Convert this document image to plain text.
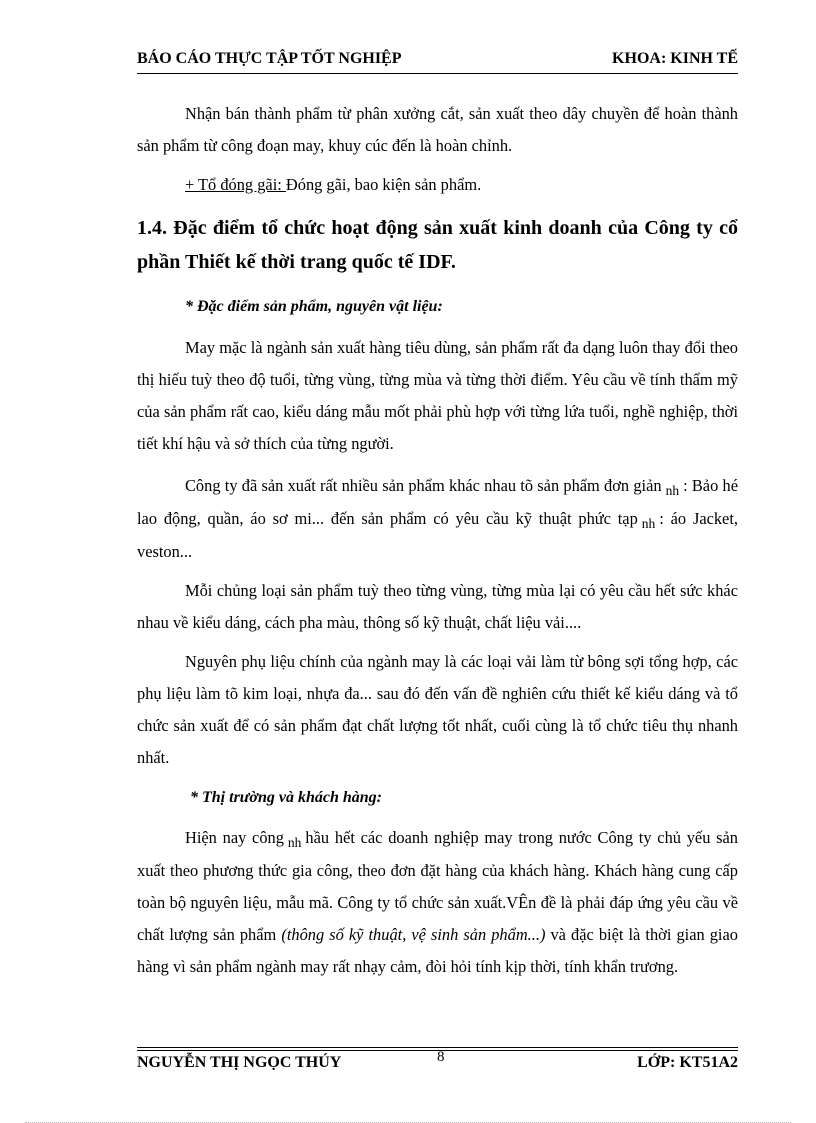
BÁO CÁO THỰC TẬP TỐT NGHIỆP	KHOA: KINH TẾ

Nhận bán thành phẩm từ phân xưởng cắt, sản xuất theo dây chuyền để hoàn thành sản phẩm từ công đoạn may, khuy cúc đến là hoàn chỉnh.

+ Tổ đóng gãi: Đóng gãi, bao kiện sản phẩm.

1.4. Đặc điểm tổ chức hoạt động sản xuất kinh doanh của Công ty cổ phần Thiết kế thời trang quốc tế IDF.

* Đặc điểm sản phẩm, nguyên vật liệu:

May mặc là ngành sản xuất hàng tiêu dùng, sản phẩm rất đa dạng luôn thay đổi theo thị hiếu tuỳ theo độ tuổi, từng vùng, từng mùa và từng thời điểm. Yêu cầu về tính thẩm mỹ của sản phẩm rất cao, kiểu dáng mẫu mốt phải phù hợp với từng lứa tuổi, nghề nghiệp, thời tiết khí hậu và sở thích của từng người.

Công ty đã sản xuất rất nhiều sản phẩm khác nhau tõ sản phẩm đơn giản $_{nh}$ : Bảo hé lao động, quần, áo sơ mi... đến sản phẩm có yêu cầu kỹ thuật phức tạp $_{nh}$ : áo Jacket, veston...

Mỗi chủng loại sản phẩm tuỳ theo từng vùng, từng mùa lại có yêu cầu hết sức khác nhau về kiểu dáng, cách pha màu, thông số kỹ thuật, chất liệu vải....

Nguyên phụ liệu chính của ngành may là các loại vải làm từ bông sợi tổng hợp, các phụ liệu làm tõ kim loại, nhựa đa... sau đó đến vấn đề nghiên cứu thiết kế kiểu dáng và tổ chức sản xuất để có sản phẩm đạt chất lượng tốt nhất, cuối cùng là tổ chức tiêu thụ nhanh nhất.

* Thị trường và khách hàng:

Hiện nay công $_{nh}$ hầu hết các doanh nghiệp may trong nước Công ty chủ yếu sản xuất theo phương thức gia công, theo đơn đặt hàng của khách hàng. Khách hàng cung cấp toàn bộ nguyên liệu, mẫu mã. Công ty tổ chức sản xuất.VÊn đề là phải đáp ứng yêu cầu về chất lượng sản phẩm (thông số kỹ thuật, vệ sinh sản phẩm...) và đặc biệt là thời gian giao hàng vì sản phẩm ngành may rất nhạy cảm, đòi hỏi tính kịp thời, tính khẩn trương.

NGUYỄN THỊ NGỌC THÚY	8	LỚP: KT51A2
